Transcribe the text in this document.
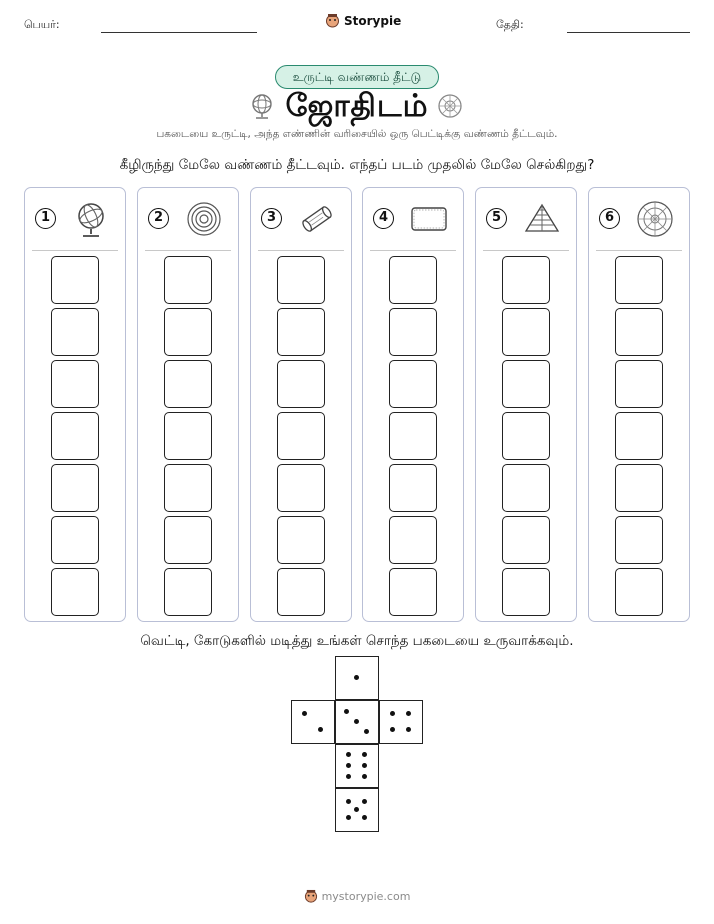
பெயர்:	Storypie	தேதி:
உருட்டி வண்ணம் தீட்டு
ஜோதிடம்
பகடையை உருட்டி, அந்த எண்ணின் வரிசையில் ஒரு பெட்டிக்கு வண்ணம் தீட்டவும்.
கீழிருந்து மேலே வண்ணம் தீட்டவும். எந்தப் படம் முதலில் மேலே செல்கிறது?
1	2	3	4	5	6
வெட்டி, கோடுகளில் மடித்து உங்கள் சொந்த பகடையை உருவாக்கவும்.
mystorypie.com
